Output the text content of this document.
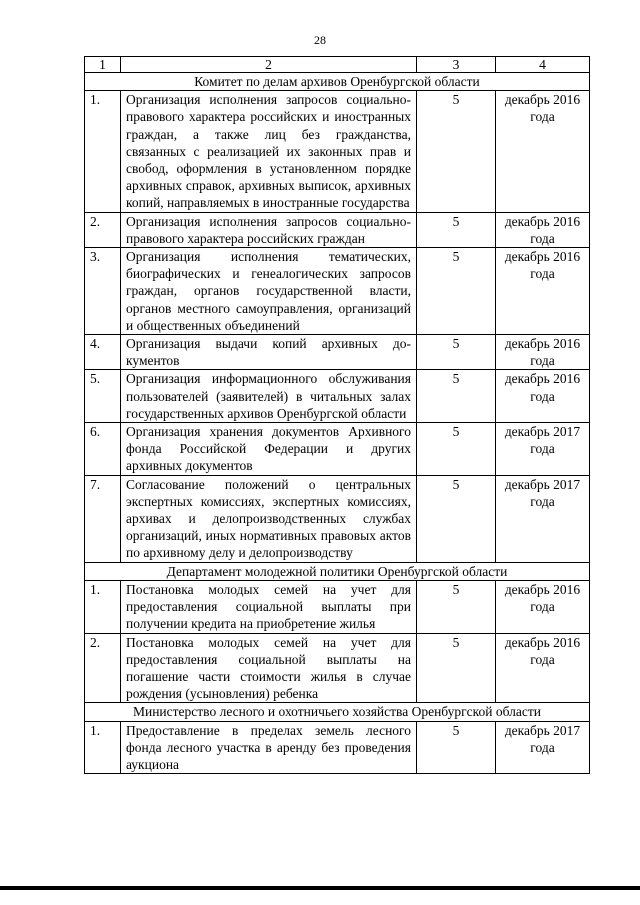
28
1	2	3	4
Комитет по делам архивов Оренбургской области			
1.	Организация исполнения запросов социально-правового характера российских и иностранных граждан, а также лиц без гражданства, связанных с реализацией их законных прав и свобод, оформления в установленном порядке архивных справок, архивных выписок, архивных копий, направляемых в иностранные государства	5	декабрь 2016 года
2.	Организация исполнения запросов социально-правового характера российских граждан	5	декабрь 2016 года
3.	Организация исполнения тематических, биографических и генеалогических запросов граждан, органов государственной власти, органов местного самоуправления, организаций и общественных объединений	5	декабрь 2016 года
4.	Организация выдачи копий архивных документов	5	декабрь 2016 года
5.	Организация информационного обслуживания пользователей (заявителей) в читальных залах государственных архивов Оренбургской области	5	декабрь 2016 года
6.	Организация хранения документов Архивного фонда Российской Федерации и других архивных документов	5	декабрь 2017 года
7.	Согласование положений о центральных экспертных комиссиях, экспертных комиссиях, архивах и делопроизводственных службах организаций, иных нормативных правовых актов по архивному делу и делопроизводству	5	декабрь 2017 года
Департамент молодежной политики Оренбургской области			
1.	Постановка молодых семей на учет для предоставления социальной выплаты при получении кредита на приобретение жилья	5	декабрь 2016 года
2.	Постановка молодых семей на учет для предоставления социальной выплаты на погашение части стоимости жилья в случае рождения (усыновления) ребенка	5	декабрь 2016 года
Министерство лесного и охотничьего хозяйства Оренбургской области			
1.	Предоставление в пределах земель лесного фонда лесного участка в аренду без проведения аукциона	5	декабрь 2017 года
